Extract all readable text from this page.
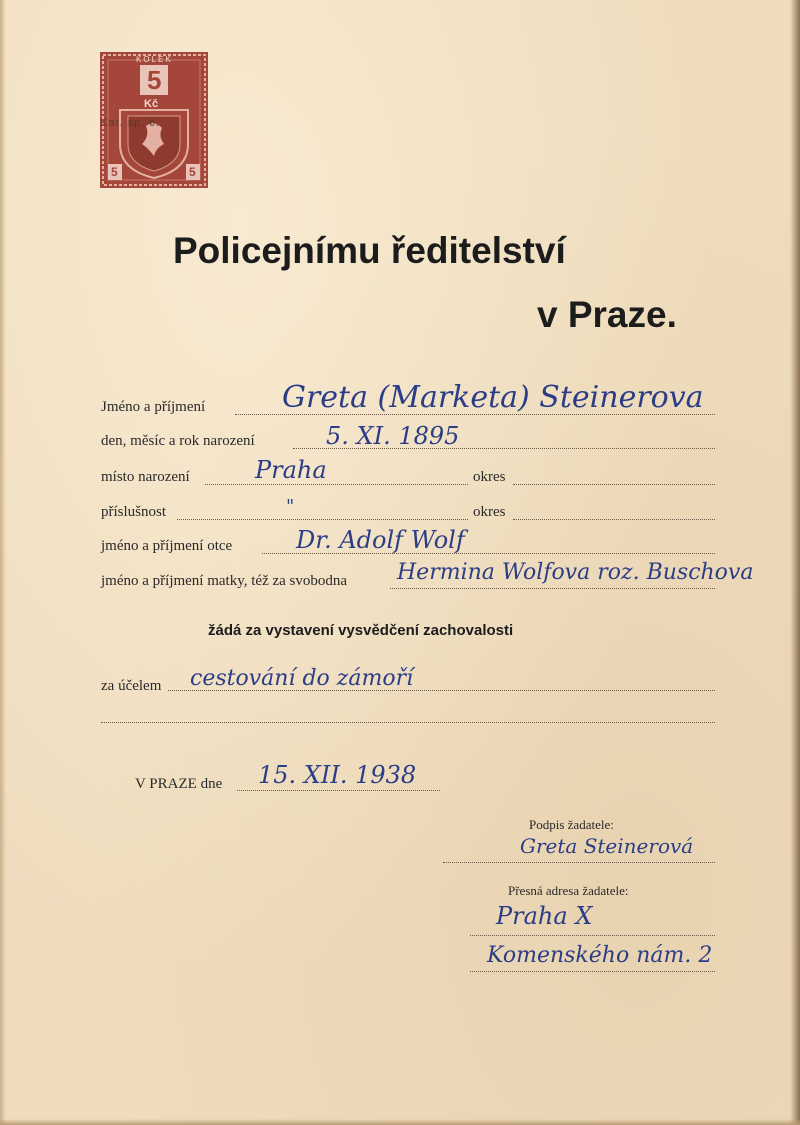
KOLEK
5
Kč
5	5
Kat. sp. č.
Policejnímu ředitelství
v Praze.
Jméno a příjmení	Greta (Marketa) Steinerova
den, měsíc a rok narození	5. XI. 1895
místo narození	Praha	okres
příslušnost	"	okres
jméno a příjmení otce	Dr. Adolf Wolf
jméno a příjmení matky, též za svobodna Hermina Wolfova roz. Buschova
žádá za vystavení vysvědčení zachovalosti
za účelem cestování do zámoří
V PRAZE dne 15. XII. 1938
Podpis žadatele:
Greta Steinerová
Přesná adresa žadatele:
Praha X
Komenského nám. 2
